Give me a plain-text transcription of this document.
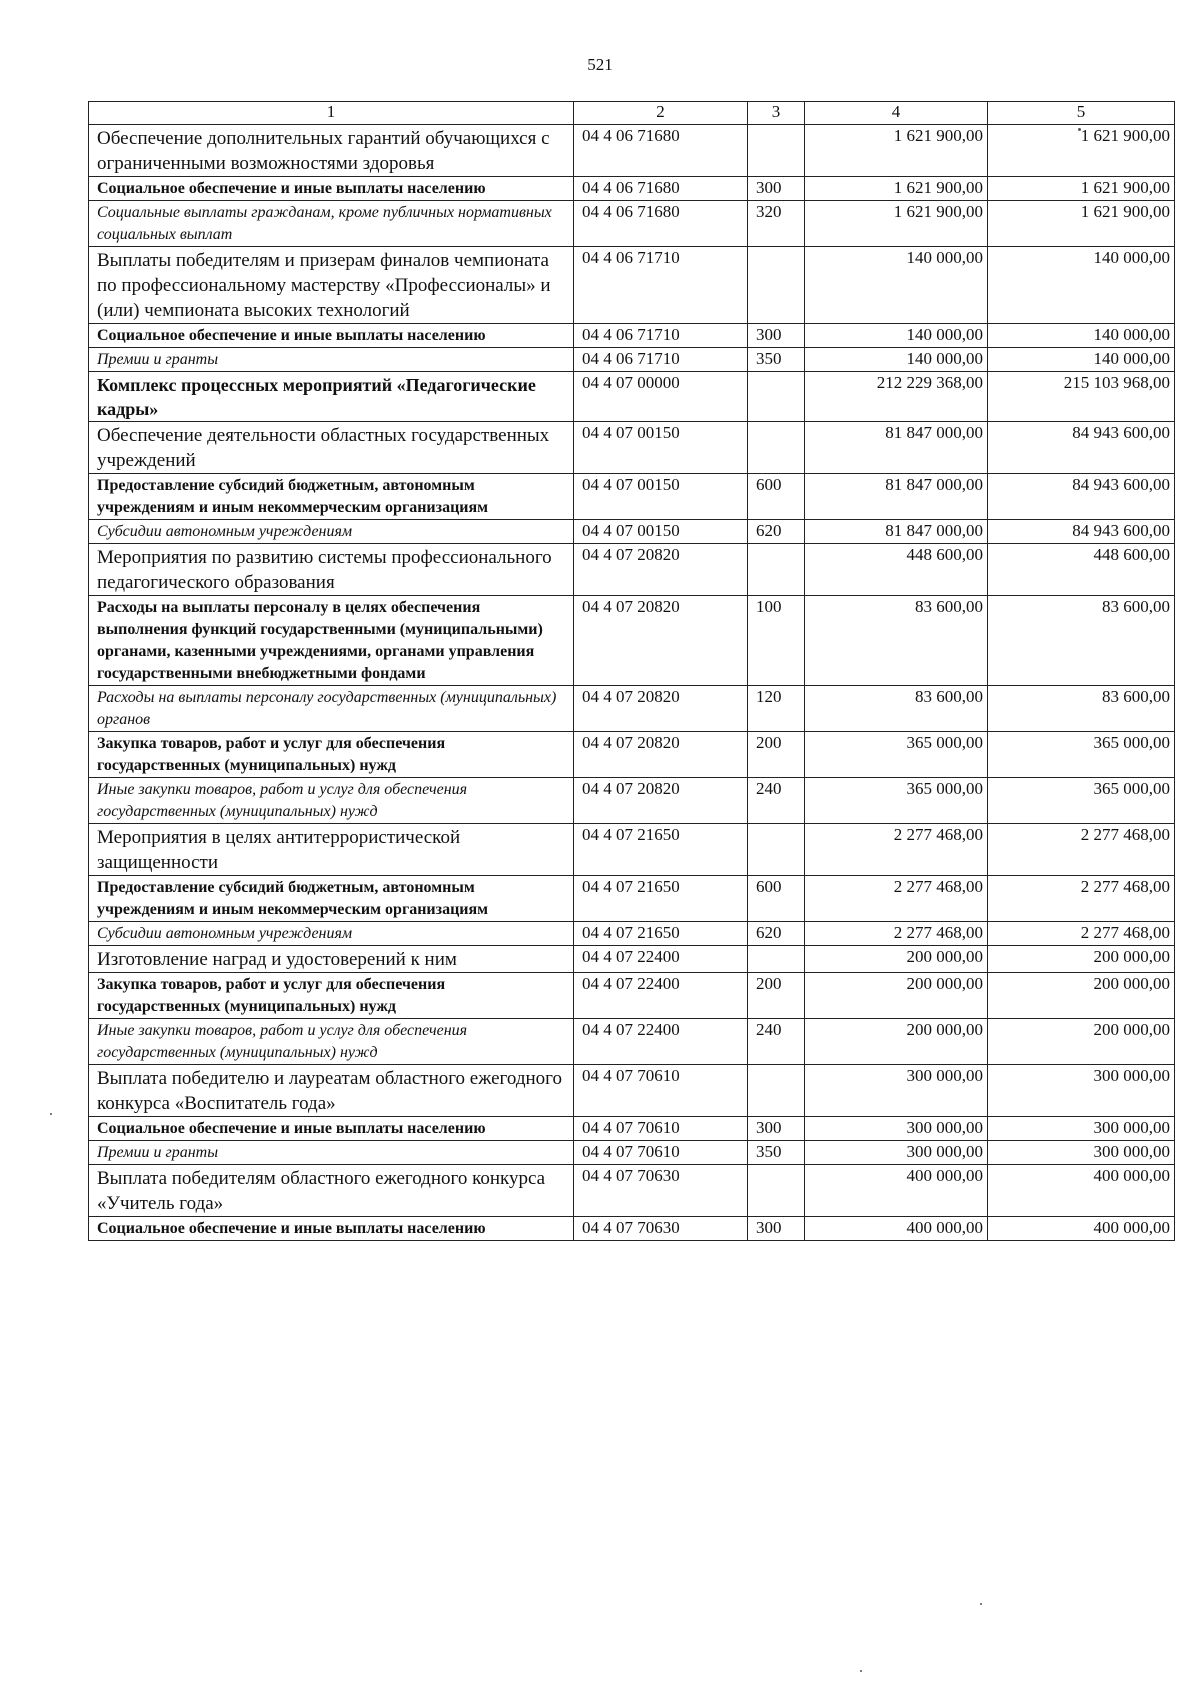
521
1	2	3	4	5
Обеспечение дополнительных гарантий обучающихся с ограниченными возможностями здоровья	04 4 06 71680		1 621 900,00	1 621 900,00
Социальное обеспечение и иные выплаты населению	04 4 06 71680	300	1 621 900,00	1 621 900,00
Социальные выплаты гражданам, кроме публичных нормативных социальных выплат	04 4 06 71680	320	1 621 900,00	1 621 900,00
Выплаты победителям и призерам финалов чемпионата по профессиональному мастерству «Профессионалы» и (или) чемпионата высоких технологий	04 4 06 71710		140 000,00	140 000,00
Социальное обеспечение и иные выплаты населению	04 4 06 71710	300	140 000,00	140 000,00
Премии и гранты	04 4 06 71710	350	140 000,00	140 000,00
Комплекс процессных мероприятий «Педагогические кадры»	04 4 07 00000		212 229 368,00	215 103 968,00
Обеспечение деятельности областных государственных учреждений	04 4 07 00150		81 847 000,00	84 943 600,00
Предоставление субсидий бюджетным, автономным учреждениям и иным некоммерческим организациям	04 4 07 00150	600	81 847 000,00	84 943 600,00
Субсидии автономным учреждениям	04 4 07 00150	620	81 847 000,00	84 943 600,00
Мероприятия по развитию системы профессионального педагогического образования	04 4 07 20820		448 600,00	448 600,00
Расходы на выплаты персоналу в целях обеспечения выполнения функций государственными (муниципальными) органами, казенными учреждениями, органами управления государственными внебюджетными фондами	04 4 07 20820	100	83 600,00	83 600,00
Расходы на выплаты персоналу государственных (муниципальных) органов	04 4 07 20820	120	83 600,00	83 600,00
Закупка товаров, работ и услуг для обеспечения государственных (муниципальных) нужд	04 4 07 20820	200	365 000,00	365 000,00
Иные закупки товаров, работ и услуг для обеспечения государственных (муниципальных) нужд	04 4 07 20820	240	365 000,00	365 000,00
Мероприятия в целях антитеррористической защищенности	04 4 07 21650		2 277 468,00	2 277 468,00
Предоставление субсидий бюджетным, автономным учреждениям и иным некоммерческим организациям	04 4 07 21650	600	2 277 468,00	2 277 468,00
Субсидии автономным учреждениям	04 4 07 21650	620	2 277 468,00	2 277 468,00
Изготовление наград и удостоверений к ним	04 4 07 22400		200 000,00	200 000,00
Закупка товаров, работ и услуг для обеспечения государственных (муниципальных) нужд	04 4 07 22400	200	200 000,00	200 000,00
Иные закупки товаров, работ и услуг для обеспечения государственных (муниципальных) нужд	04 4 07 22400	240	200 000,00	200 000,00
Выплата победителю и лауреатам областного ежегодного конкурса «Воспитатель года»	04 4 07 70610		300 000,00	300 000,00
Социальное обеспечение и иные выплаты населению	04 4 07 70610	300	300 000,00	300 000,00
Премии и гранты	04 4 07 70610	350	300 000,00	300 000,00
Выплата победителям областного ежегодного конкурса «Учитель года»	04 4 07 70630		400 000,00	400 000,00
Социальное обеспечение и иные выплаты населению	04 4 07 70630	300	400 000,00	400 000,00
